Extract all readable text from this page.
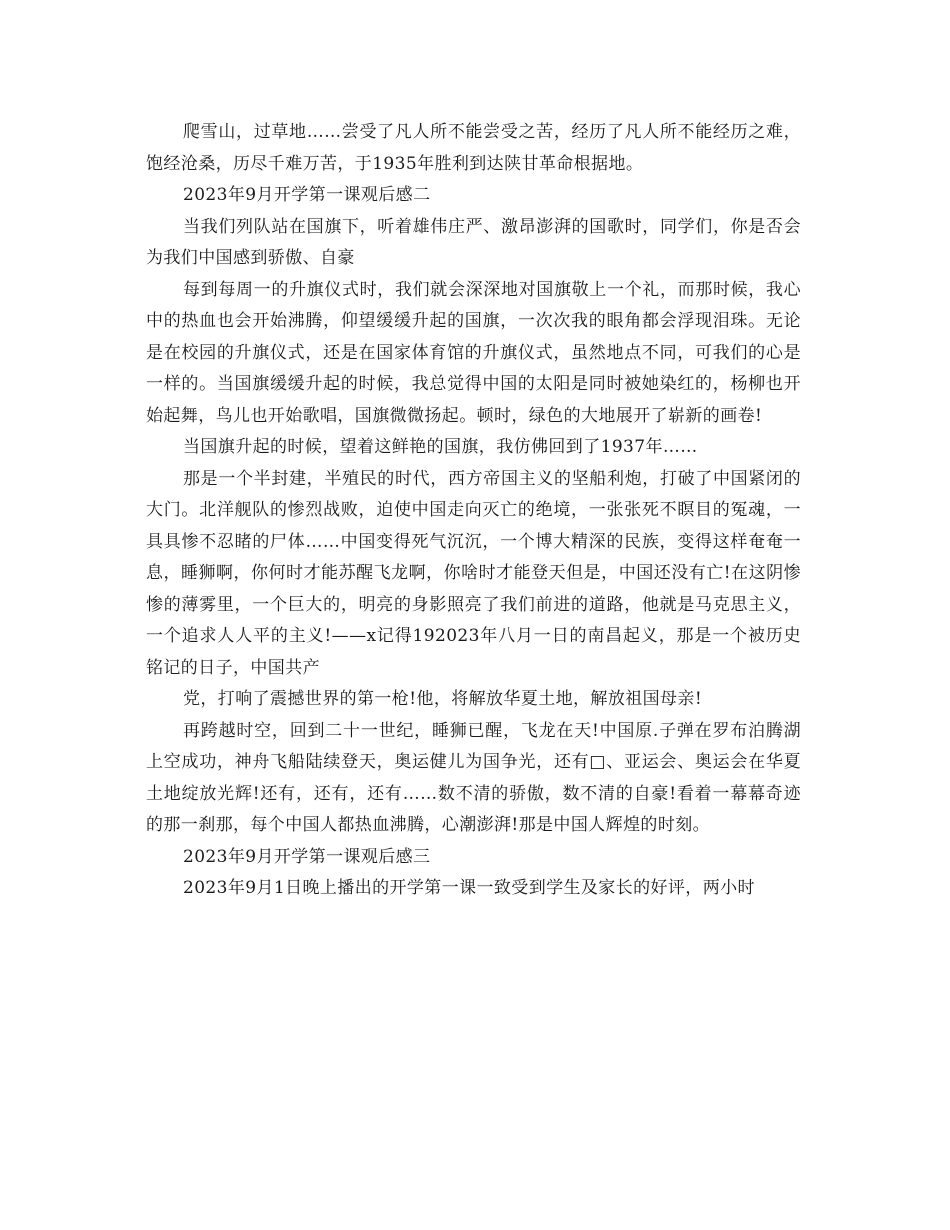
爬雪山，过草地……尝受了凡人所不能尝受之苦，经历了凡人所不能经历之难，饱经沧桑，历尽千难万苦，于1935年胜利到达陕甘革命根据地。

2023年9月开学第一课观后感二

当我们列队站在国旗下，听着雄伟庄严、激昂澎湃的国歌时，同学们，你是否会为我们中国感到骄傲、自豪

每到每周一的升旗仪式时，我们就会深深地对国旗敬上一个礼，而那时候，我心中的热血也会开始沸腾，仰望缓缓升起的国旗，一次次我的眼角都会浮现泪珠。无论是在校园的升旗仪式，还是在国家体育馆的升旗仪式，虽然地点不同，可我们的心是一样的。当国旗缓缓升起的时候，我总觉得中国的太阳是同时被她染红的，杨柳也开始起舞，鸟儿也开始歌唱，国旗微微扬起。顿时，绿色的大地展开了崭新的画卷!

当国旗升起的时候，望着这鲜艳的国旗，我仿佛回到了1937年……

那是一个半封建，半殖民的时代，西方帝国主义的坚船利炮，打破了中国紧闭的大门。北洋舰队的惨烈战败，迫使中国走向灭亡的绝境，一张张死不瞑目的冤魂，一具具惨不忍睹的尸体……中国变得死气沉沉，一个博大精深的民族，变得这样奄奄一息，睡狮啊，你何时才能苏醒飞龙啊，你啥时才能登天但是，中国还没有亡!在这阴惨惨的薄雾里，一个巨大的，明亮的身影照亮了我们前进的道路，他就是马克思主义，一个追求人人平的主义!——x记得192023年八月一日的南昌起义，那是一个被历史铭记的日子，中国共产

党，打响了震撼世界的第一枪!他，将解放华夏土地，解放祖国母亲!

再跨越时空，回到二十一世纪，睡狮已醒，飞龙在天!中国原.子弹在罗布泊腾湖上空成功，神舟飞船陆续登天，奥运健儿为国争光，还有□、亚运会、奥运会在华夏土地绽放光辉!还有，还有，还有……数不清的骄傲，数不清的自豪!看着一幕幕奇迹的那一刹那，每个中国人都热血沸腾，心潮澎湃!那是中国人辉煌的时刻。

2023年9月开学第一课观后感三

2023年9月1日晚上播出的开学第一课一致受到学生及家长的好评，两小时
